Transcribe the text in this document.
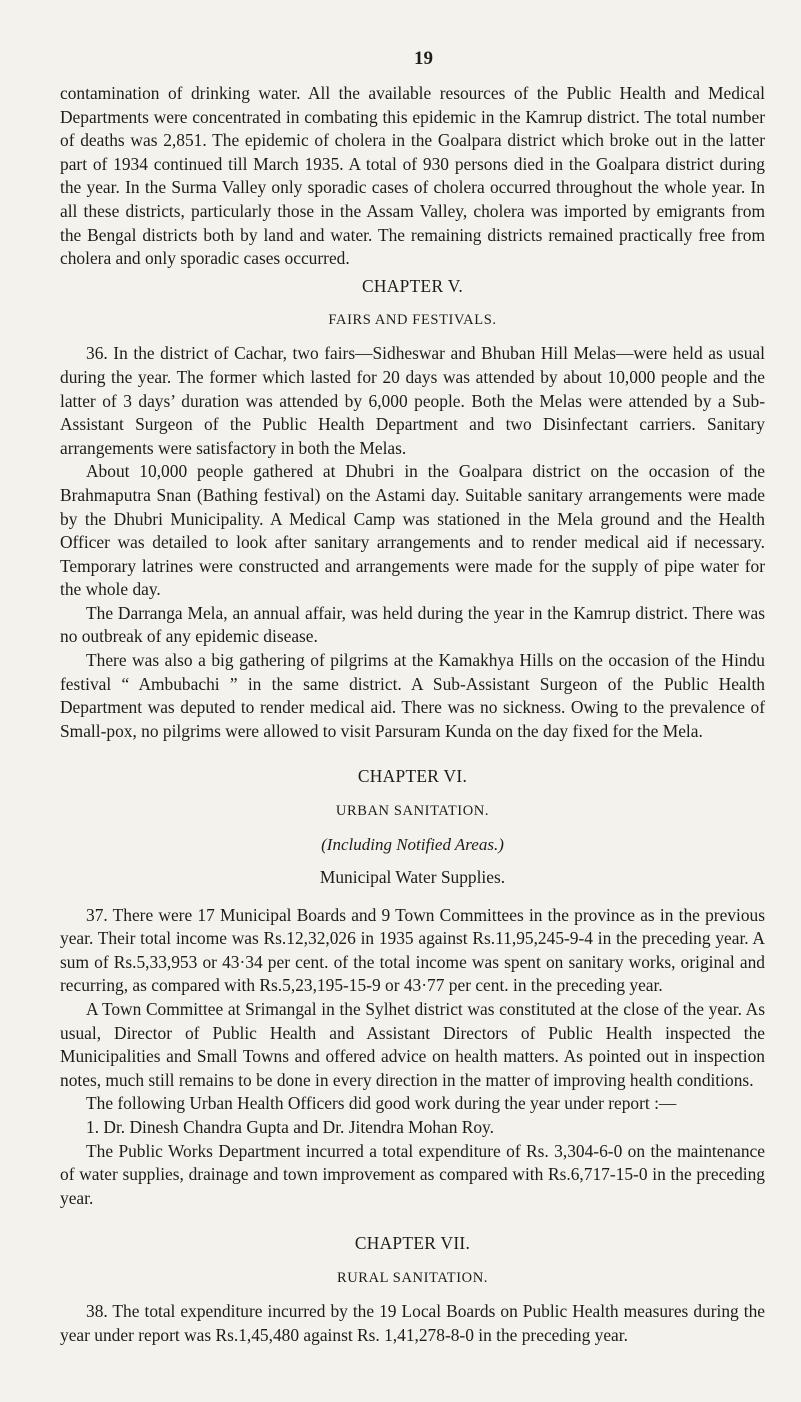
19

contamination of drinking water. All the available resources of the Public Health and Medical Departments were concentrated in combating this epidemic in the Kamrup district. The total number of deaths was 2,851. The epidemic of cholera in the Goalpara district which broke out in the latter part of 1934 continued till March 1935. A total of 930 persons died in the Goalpara district during the year. In the Surma Valley only sporadic cases of cholera occurred throughout the whole year. In all these districts, particularly those in the Assam Valley, cholera was imported by emigrants from the Bengal districts both by land and water. The remaining districts remained practically free from cholera and only sporadic cases occurred.

CHAPTER V.
FAIRS AND FESTIVALS.

36. In the district of Cachar, two fairs—Sidheswar and Bhuban Hill Melas—were held as usual during the year. The former which lasted for 20 days was attended by about 10,000 people and the latter of 3 days’ duration was attended by 6,000 people. Both the Melas were attended by a Sub-Assistant Surgeon of the Public Health Department and two Disinfectant carriers. Sanitary arrangements were satisfactory in both the Melas.

About 10,000 people gathered at Dhubri in the Goalpara district on the occasion of the Brahmaputra Snan (Bathing festival) on the Astami day. Suitable sanitary arrangements were made by the Dhubri Municipality. A Medical Camp was stationed in the Mela ground and the Health Officer was detailed to look after sanitary arrangements and to render medical aid if necessary. Temporary latrines were constructed and arrangements were made for the supply of pipe water for the whole day.

The Darranga Mela, an annual affair, was held during the year in the Kamrup district. There was no outbreak of any epidemic disease.

There was also a big gathering of pilgrims at the Kamakhya Hills on the occasion of the Hindu festival “ Ambubachi ” in the same district. A Sub-Assistant Surgeon of the Public Health Department was deputed to render medical aid. There was no sickness. Owing to the prevalence of Small-pox, no pilgrims were allowed to visit Parsuram Kunda on the day fixed for the Mela.

CHAPTER VI.
URBAN SANITATION.
(Including Notified Areas.)
Municipal Water Supplies.

37. There were 17 Municipal Boards and 9 Town Committees in the province as in the previous year. Their total income was Rs.12,32,026 in 1935 against Rs.11,95,245-9-4 in the preceding year. A sum of Rs.5,33,953 or 43·34 per cent. of the total income was spent on sanitary works, original and recurring, as compared with Rs.5,23,195-15-9 or 43·77 per cent. in the preceding year.

A Town Committee at Srimangal in the Sylhet district was constituted at the close of the year. As usual, Director of Public Health and Assistant Directors of Public Health inspected the Municipalities and Small Towns and offered advice on health matters. As pointed out in inspection notes, much still remains to be done in every direction in the matter of improving health conditions.

The following Urban Health Officers did good work during the year under report :—

1. Dr. Dinesh Chandra Gupta and Dr. Jitendra Mohan Roy.

The Public Works Department incurred a total expenditure of Rs. 3,304-6-0 on the maintenance of water supplies, drainage and town improvement as compared with Rs.6,717-15-0 in the preceding year.

CHAPTER VII.
RURAL SANITATION.

38. The total expenditure incurred by the 19 Local Boards on Public Health measures during the year under report was Rs.1,45,480 against Rs. 1,41,278-8-0 in the preceding year.
